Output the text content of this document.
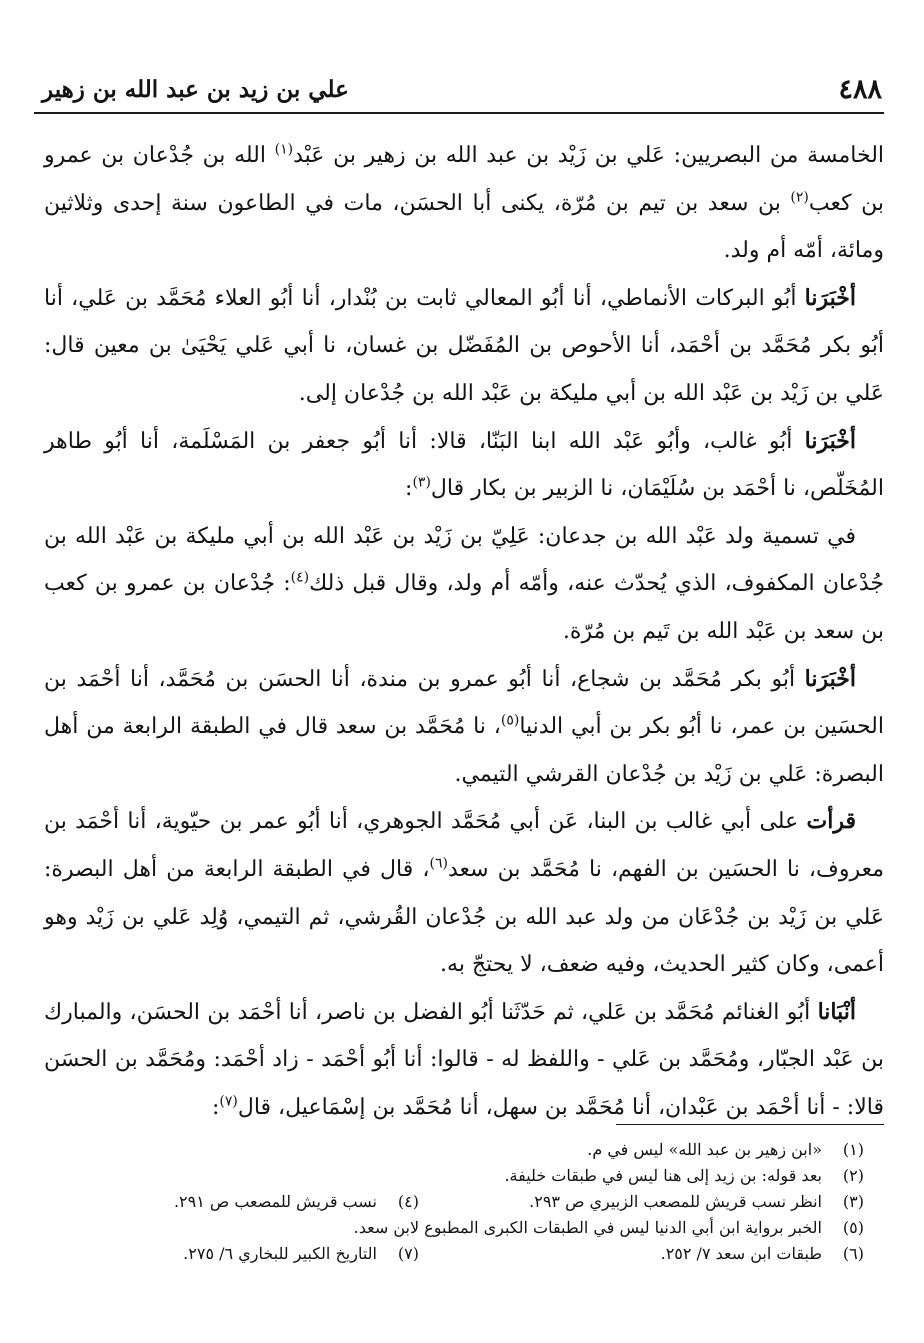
٤٨٨
علي بن زيد بن عبد الله بن زهير

الخامسة من البصريين: عَلي بن زَيْد بن عبد الله بن زهير بن عَبْد$^{(١)}$ الله بن جُدْعان بن عمرو بن كعب$^{(٢)}$ بن سعد بن تيم بن مُرّة، يكنى أبا الحسَن، مات في الطاعون سنة إحدى وثلاثين ومائة، أمّه أم ولد.

أخْبَرَنا أبُو البركات الأنماطي، أنا أبُو المعالي ثابت بن بُنْدار، أنا أبُو العلاء مُحَمَّد بن عَلي، أنا أبُو بكر مُحَمَّد بن أحْمَد، أنا الأحوص بن المُفَضّل بن غسان، نا أبي عَلي يَحْيَىٰ بن معين قال: عَلي بن زَيْد بن عَبْد الله بن أبي مليكة بن عَبْد الله بن جُدْعان إلى.

أخْبَرَنا أبُو غالب، وأبُو عَبْد الله ابنا البَنّا، قالا: أنا أبُو جعفر بن المَسْلَمة، أنا أبُو طاهر المُخَلّص، نا أحْمَد بن سُلَيْمَان، نا الزبير بن بكار قال$^{(٣)}$:

في تسمية ولد عَبْد الله بن جدعان: عَلِيّ بن زَيْد بن عَبْد الله بن أبي مليكة بن عَبْد الله بن جُدْعان المكفوف، الذي يُحدّث عنه، وأمّه أم ولد، وقال قبل ذلك$^{(٤)}$: جُدْعان بن عمرو بن كعب بن سعد بن عَبْد الله بن تَيم بن مُرّة.

أخْبَرَنا أبُو بكر مُحَمَّد بن شجاع، أنا أبُو عمرو بن مندة، أنا الحسَن بن مُحَمَّد، أنا أحْمَد بن الحسَين بن عمر، نا أبُو بكر بن أبي الدنيا$^{(٥)}$، نا مُحَمَّد بن سعد قال في الطبقة الرابعة من أهل البصرة: عَلي بن زَيْد بن جُدْعان القرشي التيمي.

قرأت على أبي غالب بن البنا، عَن أبي مُحَمَّد الجوهري، أنا أبُو عمر بن حيّوية، أنا أحْمَد بن معروف، نا الحسَين بن الفهم، نا مُحَمَّد بن سعد$^{(٦)}$، قال في الطبقة الرابعة من أهل البصرة: عَلي بن زَيْد بن جُدْعَان من ولد عبد الله بن جُدْعان القُرشي، ثم التيمي، وُلِد عَلي بن زَيْد وهو أعمى، وكان كثير الحديث، وفيه ضعف، لا يحتجّ به.

أنْبَانا أبُو الغنائم مُحَمَّد بن عَلي، ثم حَدّثَنا أبُو الفضل بن ناصر، أنا أحْمَد بن الحسَن، والمبارك بن عَبْد الجبّار، ومُحَمَّد بن عَلي - واللفظ له - قالوا: أنا أبُو أحْمَد - زاد أحْمَد: ومُحَمَّد بن الحسَن قالا: - أنا أحْمَد بن عَبْدان، أنا مُحَمَّد بن سهل، أنا مُحَمَّد بن إسْمَاعيل، قال$^{(٧)}$:

(١)
«ابن زهير بن عبد الله» ليس في م.
(٢)
بعد قوله: بن زيد إلى هنا ليس في طبقات خليفة.
(٣)
انظر نسب قريش للمصعب الزبيري ص ٢٩٣.
(٤)
نسب قريش للمصعب ص ٢٩١.
(٥)
الخبر برواية ابن أبي الدنيا ليس في الطبقات الكبرى المطبوع لابن سعد.
(٦)
طبقات ابن سعد ٧/ ٢٥٢.
(٧)
التاريخ الكبير للبخاري ٦/ ٢٧٥.
